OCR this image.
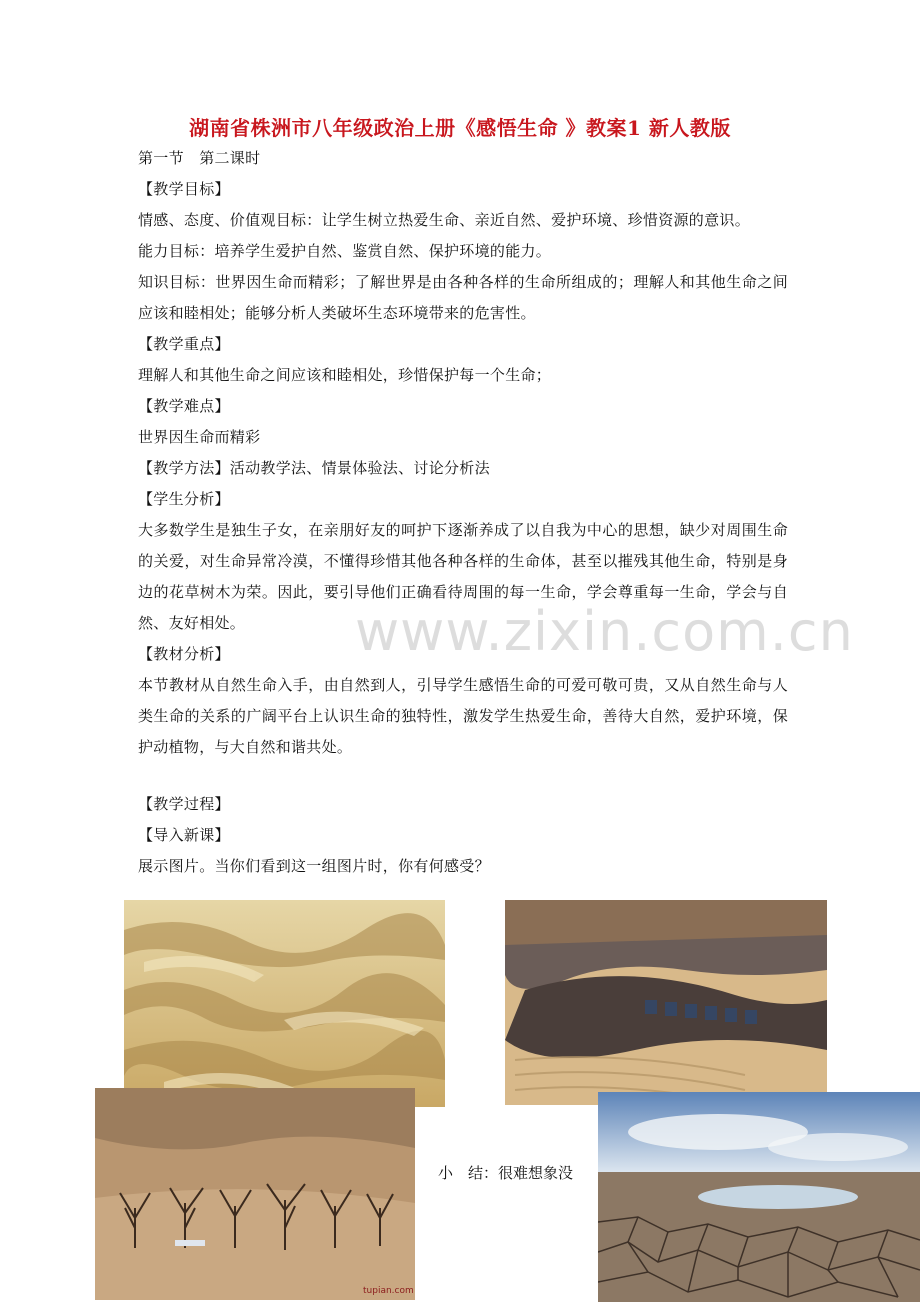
湖南省株洲市八年级政治上册《感悟生命 》教案1 新人教版
第一节　第二课时
【教学目标】
情感、态度、价值观目标：让学生树立热爱生命、亲近自然、爱护环境、珍惜资源的意识。
能力目标：培养学生爱护自然、鉴赏自然、保护环境的能力。
知识目标：世界因生命而精彩；了解世界是由各种各样的生命所组成的；理解人和其他生命之间应该和睦相处；能够分析人类破坏生态环境带来的危害性。
【教学重点】
理解人和其他生命之间应该和睦相处，珍惜保护每一个生命；
【教学难点】
世界因生命而精彩
【教学方法】活动教学法、情景体验法、讨论分析法
【学生分析】
大多数学生是独生子女，在亲朋好友的呵护下逐渐养成了以自我为中心的思想，缺少对周围生命的关爱，对生命异常冷漠，不懂得珍惜其他各种各样的生命体，甚至以摧残其他生命，特别是身边的花草树木为荣。因此，要引导他们正确看待周围的每一生命，学会尊重每一生命，学会与自然、友好相处。
【教材分析】
本节教材从自然生命入手，由自然到人，引导学生感悟生命的可爱可敬可贵，又从自然生命与人类生命的关系的广阔平台上认识生命的独特性，激发学生热爱生命，善待大自然，爱护环境，保护动植物，与大自然和谐共处。
【教学过程】
【导入新课】
展示图片。当你们看到这一组图片时，你有何感受？
www.zixin.com.cn
tupian.com
小　结：很难想象没
